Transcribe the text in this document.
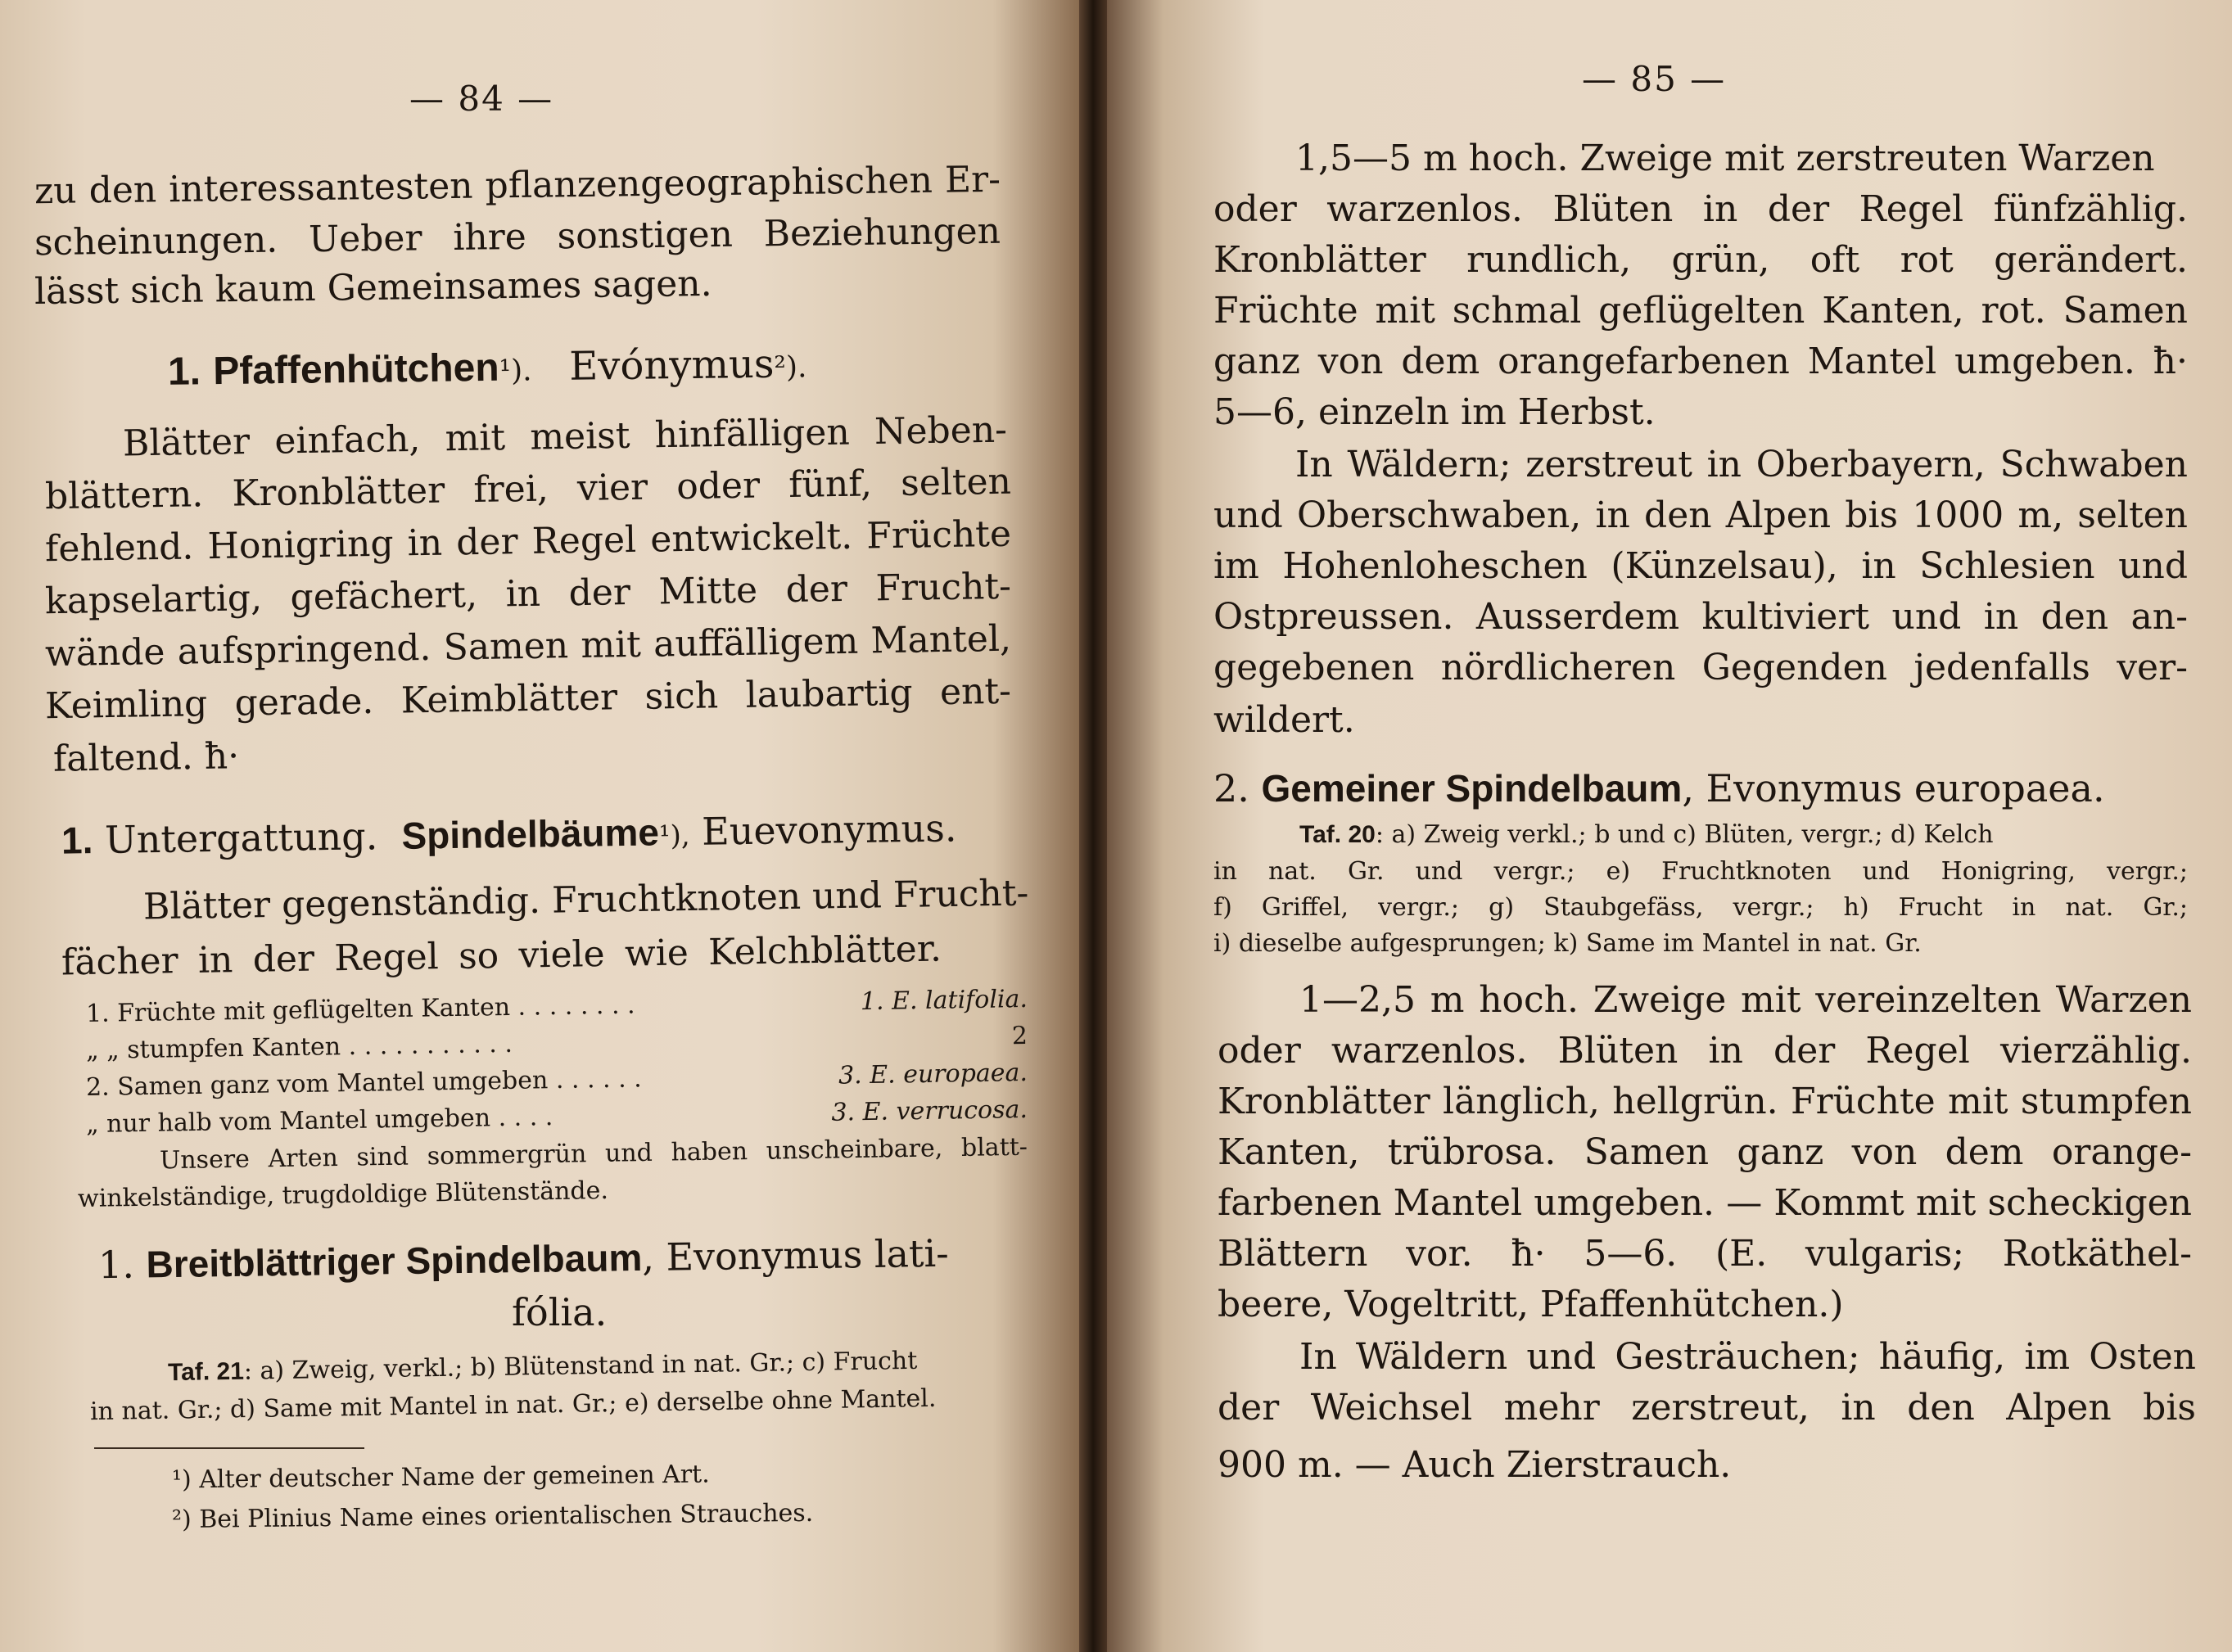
— 84 —
zu den interessantesten pflanzengeographischen Er-
scheinungen. Ueber ihre sonstigen Beziehungen
lässt sich kaum Gemeinsames sagen.
1. Pfaffenhütchen¹). Evónymus²).
Blätter einfach, mit meist hinfälligen Neben-
blättern. Kronblätter frei, vier oder fünf, selten
fehlend. Honigring in der Regel entwickelt. Früchte
kapselartig, gefächert, in der Mitte der Frucht-
wände aufspringend. Samen mit auffälligem Mantel,
Keimling gerade. Keimblätter sich laubartig ent-
faltend. ħ·
1. Untergattung. Spindelbäume¹), Euevonymus.
Blätter gegenständig. Fruchtknoten und Frucht-
fächer in der Regel so viele wie Kelchblätter.
1. Früchte mit geflügelten Kanten . . . . . . . .	1. E. latifolia.
„ „ stumpfen Kanten . . . . . . . . . . .	2
2. Samen ganz vom Mantel umgeben . . . . . .	3. E. europaea.
„ nur halb vom Mantel umgeben . . . .	3. E. verrucosa.
Unsere Arten sind sommergrün und haben unscheinbare, blatt-
winkelständige, trugdoldige Blütenstände.
1. Breitblättriger Spindelbaum, Evonymus lati-
fólia.
Taf. 21: a) Zweig, verkl.; b) Blütenstand in nat. Gr.; c) Frucht
in nat. Gr.; d) Same mit Mantel in nat. Gr.; e) derselbe ohne Mantel.
¹) Alter deutscher Name der gemeinen Art.
²) Bei Plinius Name eines orientalischen Strauches.
— 85 —
1,5—5 m hoch. Zweige mit zerstreuten Warzen
oder warzenlos. Blüten in der Regel fünfzählig.
Kronblätter rundlich, grün, oft rot gerändert.
Früchte mit schmal geflügelten Kanten, rot. Samen
ganz von dem orangefarbenen Mantel umgeben. ħ·
5—6, einzeln im Herbst.
In Wäldern; zerstreut in Oberbayern, Schwaben
und Oberschwaben, in den Alpen bis 1000 m, selten
im Hohenloheschen (Künzelsau), in Schlesien und
Ostpreussen. Ausserdem kultiviert und in den an-
gegebenen nördlicheren Gegenden jedenfalls ver-
wildert.
2. Gemeiner Spindelbaum, Evonymus europaea.
Taf. 20: a) Zweig verkl.; b und c) Blüten, vergr.; d) Kelch
in nat. Gr. und vergr.; e) Fruchtknoten und Honigring, vergr.;
f) Griffel, vergr.; g) Staubgefäss, vergr.; h) Frucht in nat. Gr.;
i) dieselbe aufgesprungen; k) Same im Mantel in nat. Gr.
1—2,5 m hoch. Zweige mit vereinzelten Warzen
oder warzenlos. Blüten in der Regel vierzählig.
Kronblätter länglich, hellgrün. Früchte mit stumpfen
Kanten, trübrosa. Samen ganz von dem orange-
farbenen Mantel umgeben. — Kommt mit scheckigen
Blättern vor. ħ· 5—6. (E. vulgaris; Rotkäthel-
beere, Vogeltritt, Pfaffenhütchen.)
In Wäldern und Gesträuchen; häufig, im Osten
der Weichsel mehr zerstreut, in den Alpen bis
900 m. — Auch Zierstrauch.
